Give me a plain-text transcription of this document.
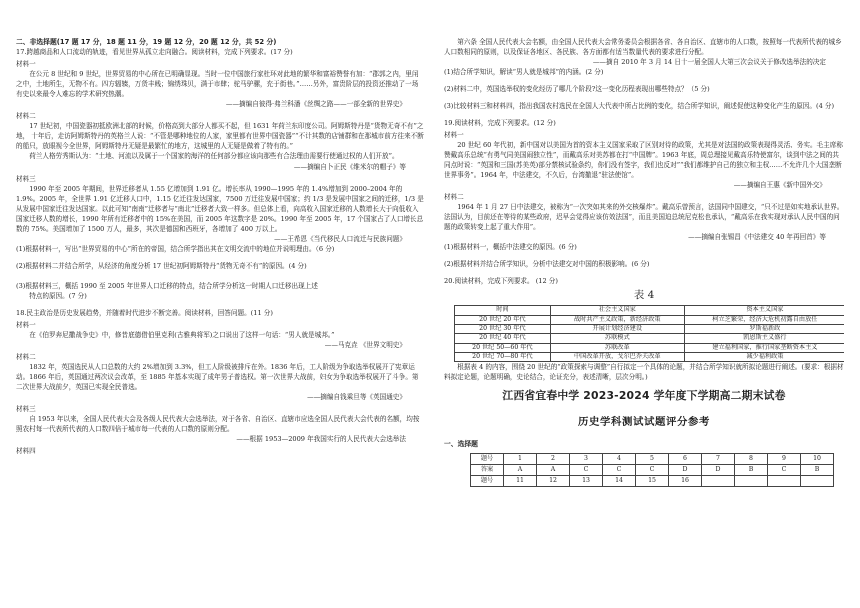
二、非选择题(17 题 17 分，18 题 11 分，19 题 12 分，20 题 12 分，共 52 分)

17.跨越商品和人口流动的轨迹，看见世界从孤立走向融合。阅读材料，完成下列要求。(17 分)

材料一

在公元 8 世纪和 9 世纪，世界贸易的中心所在已明确显现。当时一位中国旅行家杜环对此地的繁华和富裕赞誉有加：“郡郭之内，里闬之中，土地所生，无物不有。四方辐辏，万货丰贱；锦绣珠贝，满于市肆；驼马驴骡，充于街巷。”……另外，富贵阶层的投资还推动了一场有史以来最令人难忘的学术研究热潮。

——摘编自彼得·弗兰科潘《丝绸之路——一部全新的世界史》

材料二

17 世纪初，中国瓷器初抵欧洲北部的时候，价格高到大部分人都买不起，但 1631 年荷兰东印度公司。阿姆斯特丹是“货物无奇不有”之地， 十年后，走访阿姆斯特丹的英格兰人说：“不管是哪种地位的人家，家里都有世界中国瓷器”“不计其数的店铺群和在那城市前方往来不断的船只，放眼视今全世界，阿姆斯特丹无疑是最繁忙的地方，这城里的人无疑是做着了特有的。”

荷兰人格劳秀斯认为：“土地、河流以及属于一个国家的海洋的任何部分都应该向那些有合法理由需要行使通过权的人们开放”。

——摘编自卜正民《维米尔的帽子》等

材料三

1990 年至 2005 年期间，世界迁移者从 1.55 亿增加到 1.91 亿。增长率从 1990—1995 年的 1.4%增加到 2000–2004 年的 1.9%。2005 年，全世界 1.91 亿迁移人口中，1.15 亿迁往发达国家，7500 万迁往发展中国家；约 1/3 是发展中国家之间的迁移，1/3 是从发展中国家迁往发达国家。以此可知“南南”迁移者与“南北”迁移者大致一样多。但总体上看，向高收入国家迁移的人数增长大于向低收入国家迁移人数的增长，1990 年所有迁移者中的 15%在美国，而 2005 年这数字是 20%。1990 年至 2005 年，17 个国家占了人口增长总数的 75%。美国增加了 1500 万人，最多，其次是德国和西班牙，各增加了 400 万以上。

——王希恩《当代移民人口流迁与民族问题》

(1)根据材料一，写出“世界贸易的中心”所在的帝国，结合所学指出其在文明交流中的地位并说明理由。（6 分)

(2)根据材料二并结合所学，从经济的角度分析 17 世纪初阿姆斯特丹“货物无奇不有”的原因。(4 分)

(3)根据材料三，概括 1990 至 2005 年世界人口迁移的特点，结合所学分析这一时期人口迁移出现上述

特点的原因。(7 分)

18.民主政治是历史发展趋势，并随着时代进步不断完善。阅读材料，回答问题。(11 分)

材料一

在《伯罗奔尼撒战争史》中，修昔底德借伯里克利(古雅典将军)之口说出了这样一句话：“男人就是城邦。”

——马克垚 《世界文明史》

材料二

1832 年，英国选民从人口总数的大约 2%增加到 3.3%，但工人阶级被排斥在外。1836 年后，工人阶级为争取选举权展开了宪章运动。1866 年后，英国通过两次议会改革，至 1885 年基本实现了成年男子普选权。第一次世界大战前，妇女为争取选举权展开了斗争。第二次世界大战前夕，英国已实现全民普选。

——摘编自钱乘旦等《英国通史》

材料三

自 1953 年以来，全国人民代表大会及各级人民代表大会选举法，对于各省、自治区、直辖市应选全国人民代表大会代表的名额，均按照农村每一代表所代表的人口数四倍于城市每一代表的人口数的原则分配。

——根据 1953—2009 年我国实行的人民代表大会选举法

材料四

第六条 全国人民代表大会名额，由全国人民代表大会常务委员会根据各省、各自治区、直辖市的人口数，按照每一代表所代表的城乡人口数相同的原则，以及保证各地区、各民族、各方面都有适当数量代表的要求进行分配。

——摘自 2010 年 3 月 14 日十一届全国人大第三次会议关于修改选举法的决定

(1)结合所学知识，解读“男人就是城邦”的内涵。(2 分)

(2)材料二中，英国选举权的变化经历了哪几个阶段?这一变化历程表现出哪些特点？（5 分)

(3)比较材料三和材料四，指出我国农村选民在全国人大代表中所占比例的变化，结合所学知识，阐述促使这种变化产生的原因。(4 分)

19.阅读材料，完成下列要求。(12 分)

材料一

20 世纪 60 年代初，新中国对以美国为首的资本主义国家采取了区别对待的政策，尤其是对法国的政策表现得灵活、务实。毛主席称赞戴高乐总统“有勇气同美国闹独立性”，而戴高乐对美苏都在打“中国牌”。1963 年底，周总理接见戴高乐特使富尔，谈到中法之间的共同点时说：“英国和三国(苏美英)部分禁核试验条约，你们没有签字，我们也反对”“我们都维护自己的独立和主权……不允许几个大国垄断世界事务”。1964 年，中法建交，不久后，台湾撤退“驻法使馆”。

——摘编自王惠《新中国外交》

材料二

1964 年 1 月 27 日中法建交，被称为“一次突如其来的外交核爆炸”。戴高乐曾预言，法国同中国建交，“只不过是如实地承认世界。法国认为，目前还在等待的某些政府，迟早会觉得应该仿效法国”，而且美国迫总统尼克松也承认，“戴高乐在我实现对承认人民中国的问题的政策转变上起了重大作用”。

——摘编自张锡昌《中法建交 40 年再回首》等

(1)根据材料一，概括中法建交的原因。(6 分)

(2)根据材料并结合所学知识，分析中法建交对中国的积极影响。(6 分)

20.阅读材料，完成下列要求。 (12 分)

表 4

时间	社会主义国家	资本主义国家
20 世纪 20 年代	战时共产主义政策，新经济政策	柯立芝繁荣，经济大危机初露自由放任
20 世纪 30 年代	开展计划经济建设	罗斯福新政
20 世纪 40 年代	苏联模式	凯恩斯主义盛行
20 世纪 50—60 年代	苏联改革	建立福利国家，推行国家垄断资本主义
20 世纪 70—80 年代	中国改革开放，戈尔巴乔夫改革	减少福利政策

根据表 4 的内容，围绕 20 世纪的“政策探索与调整”自行拟定一个具体的论题，并结合所学知识就所拟论题进行阐述。(要求：根据材料拟定论题，论题明确，史论结合，论证充分，表述清晰，层次分明。)

江西省宜春中学 2023-2024 学年度下学期高二期末试卷

历史学科测试试题评分参考

一、选择题

题号	1	2	3	4	5	6	7	8	9	10
答案	A	A	C	C	C	D	D	B	C	B
题号	11	12	13	14	15	16				
